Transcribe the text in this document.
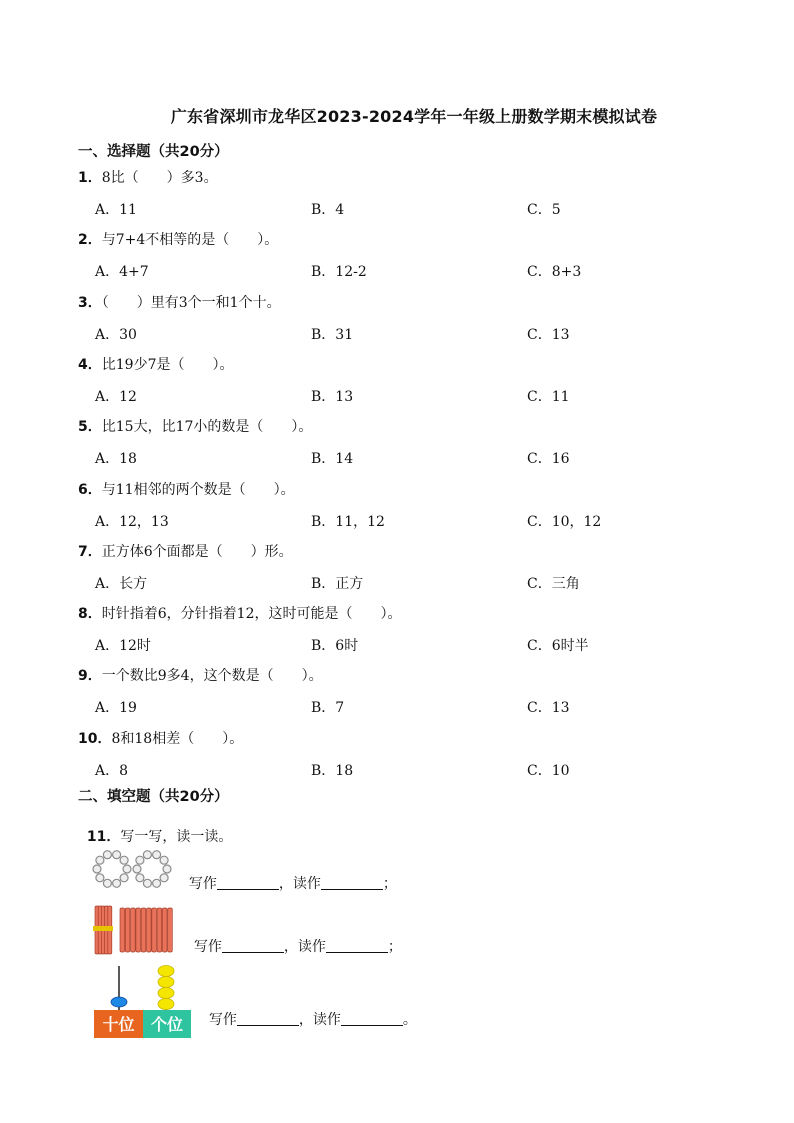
广东省深圳市龙华区2023-2024学年一年级上册数学期末模拟试卷
一、选择题（共20分）
1．8比（　　）多3。
A．11	B．4	C．5
2．与7+4不相等的是（　　）。
A．4+7	B．12-2	C．8+3
3．（　　）里有3个一和1个十。
A．30	B．31	C．13
4．比19少7是（　　）。
A．12	B．13	C．11
5．比15大，比17小的数是（　　）。
A．18	B．14	C．16
6．与11相邻的两个数是（　　）。
A．12，13	B．11，12	C．10，12
7．正方体6个面都是（　　）形。
A．长方	B．正方	C．三角
8．时针指着6，分针指着12，这时可能是（　　）。
A．12时	B．6时	C．6时半
9．一个数比9多4，这个数是（　　）。
A．19	B．7	C．13
10．8和18相差（　　）。
A．8	B．18	C．10
二、填空题（共20分）

11．写一写，读一读。

写作	，读作	；

写作	，读作	；

十位 个位	写作	，读作	。
